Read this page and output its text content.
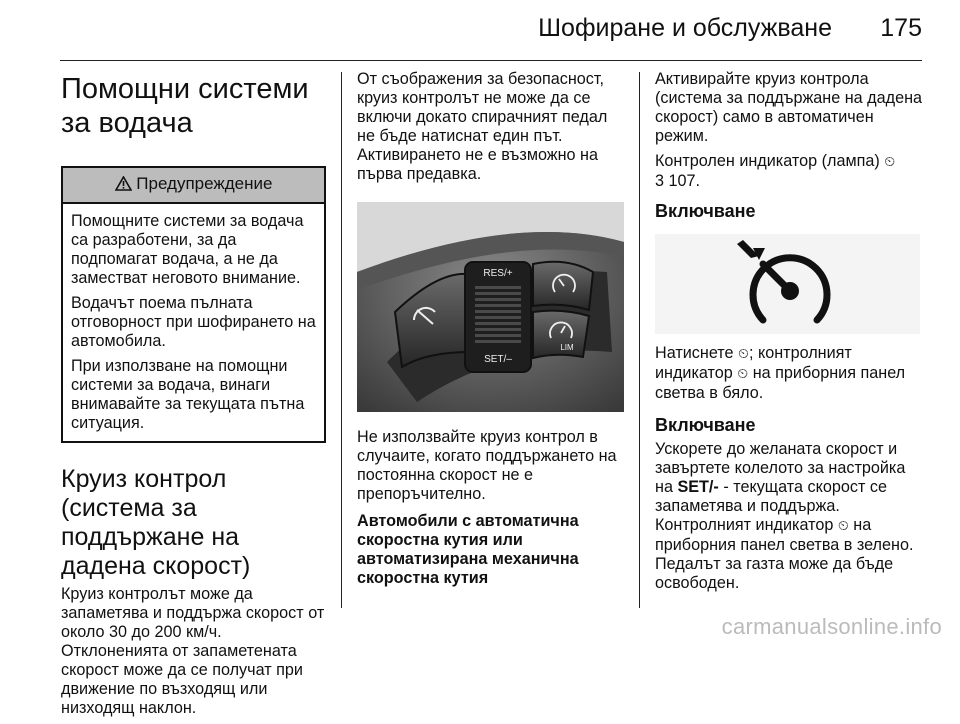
Шофиране и обслужване 175
Помощни системи за водача
Предупреждение

Помощните системи за водача са разработени, за да подпомагат водача, а не да заместват неговото внимание.

Водачът поема пълната отговорност при шофирането на автомобила.

При използване на помощни системи за водача, винаги внимавайте за текущата пътна ситуация.

Круиз контрол (система за поддържане на дадена скорост)

Круиз контролът може да запаметява и поддържа скорост от около 30 до 200 км/ч. Отклоненията от запаметената скорост може да се получат при движение по възходящ или низходящ наклон.

От съображения за безопасност, круиз контролът не може да се включи докато спирачният педал не бъде натиснат един път. Активирането не е възможно на първа предавка.

RES/+
SET/–
LIM

Не използвайте круиз контрол в случаите, когато поддържането на постоянна скорост не е препоръчително.

Автомобили с автоматична скоростна кутия или автоматизирана механична скоростна кутия

Активирайте круиз контрола (система за поддържане на дадена скорост) само в автоматичен режим.

Контролен индикатор (лампа) ⏲
3 107.

Включване

Натиснете ⏲; контролният индикатор ⏲ на приборния панел светва в бяло.

Включване

Ускорете до желаната скорост и завъртете колелото за настройка на SET/- - текущата скорост се запаметява и поддържа. Контролният индикатор ⏲ на приборния панел светва в зелено. Педалът за газта може да бъде освободен.

carmanualsonline.info
